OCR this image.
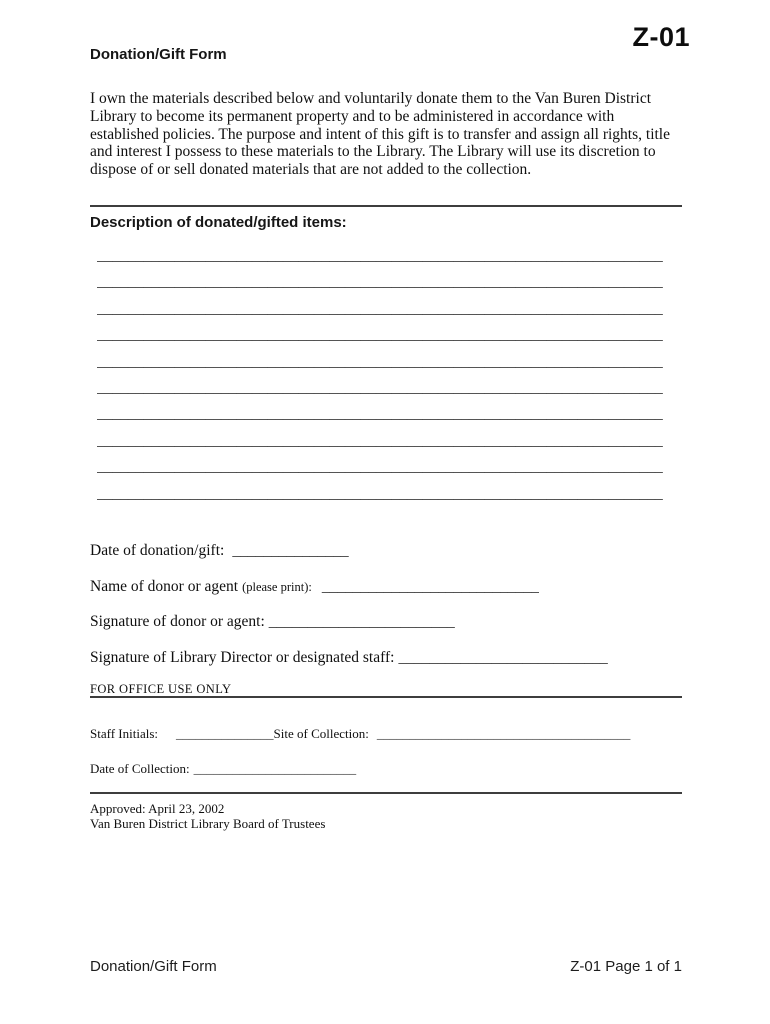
Z-01
Donation/Gift Form

I own the materials described below and voluntarily donate them to the Van Buren District Library to become its permanent property and to be administered in accordance with established policies. The purpose and intent of this gift is to transfer and assign all rights, title and interest I possess to these materials to the Library. The Library will use its discretion to dispose of or sell donated materials that are not added to the collection.

Description of donated/gifted items:
_________________________________________________________________________
_________________________________________________________________________
_________________________________________________________________________
_________________________________________________________________________
_________________________________________________________________________
_________________________________________________________________________
_________________________________________________________________________
_________________________________________________________________________
_________________________________________________________________________
_________________________________________________________________________
Date of donation/gift: _______________
Name of donor or agent (please print): ____________________________
Signature of donor or agent: ________________________
Signature of Library Director or designated staff: ___________________________
FOR OFFICE USE ONLY
Staff Initials: _______________Site of Collection: _______________________________________
Date of Collection: _________________________
Approved: April 23, 2002
Van Buren District Library Board of Trustees
Donation/Gift Form	Z-01 Page 1 of 1
